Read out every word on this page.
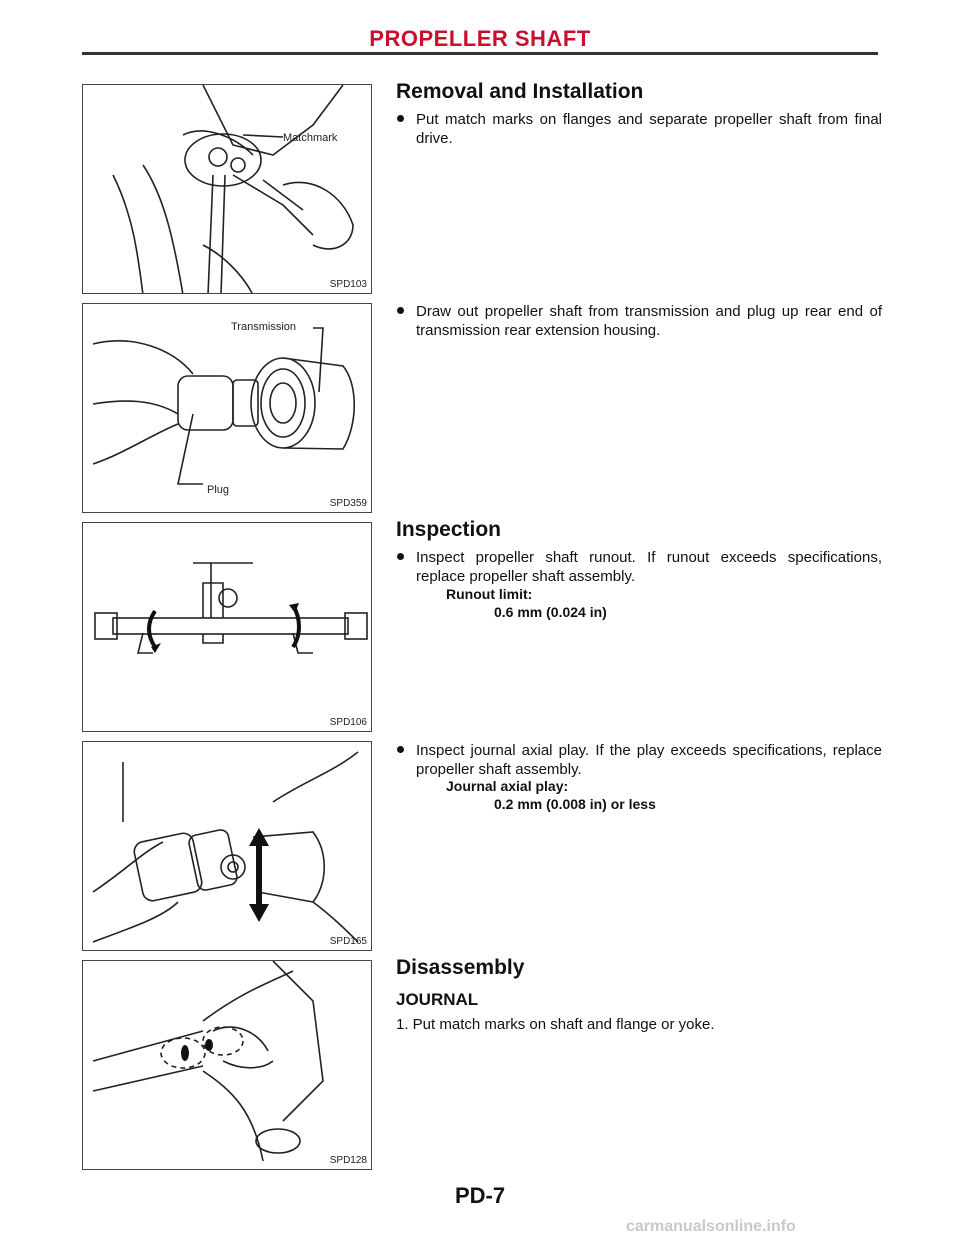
PROPELLER SHAFT
Matchmark
SPD103
Transmission
Plug
SPD359
SPD106
SPD165
SPD128
Removal and Installation
Put match marks on flanges and separate propeller shaft from final drive.
Draw out propeller shaft from transmission and plug up rear end of transmission rear extension housing.
Inspection
Inspect propeller shaft runout. If runout exceeds specifications, replace propeller shaft assembly.
Runout limit:
0.6 mm (0.024 in)
Inspect journal axial play. If the play exceeds specifications, replace propeller shaft assembly.
Journal axial play:
0.2 mm (0.008 in) or less
Disassembly
JOURNAL
1. Put match marks on shaft and flange or yoke.
PD-7
carmanualsonline.info
